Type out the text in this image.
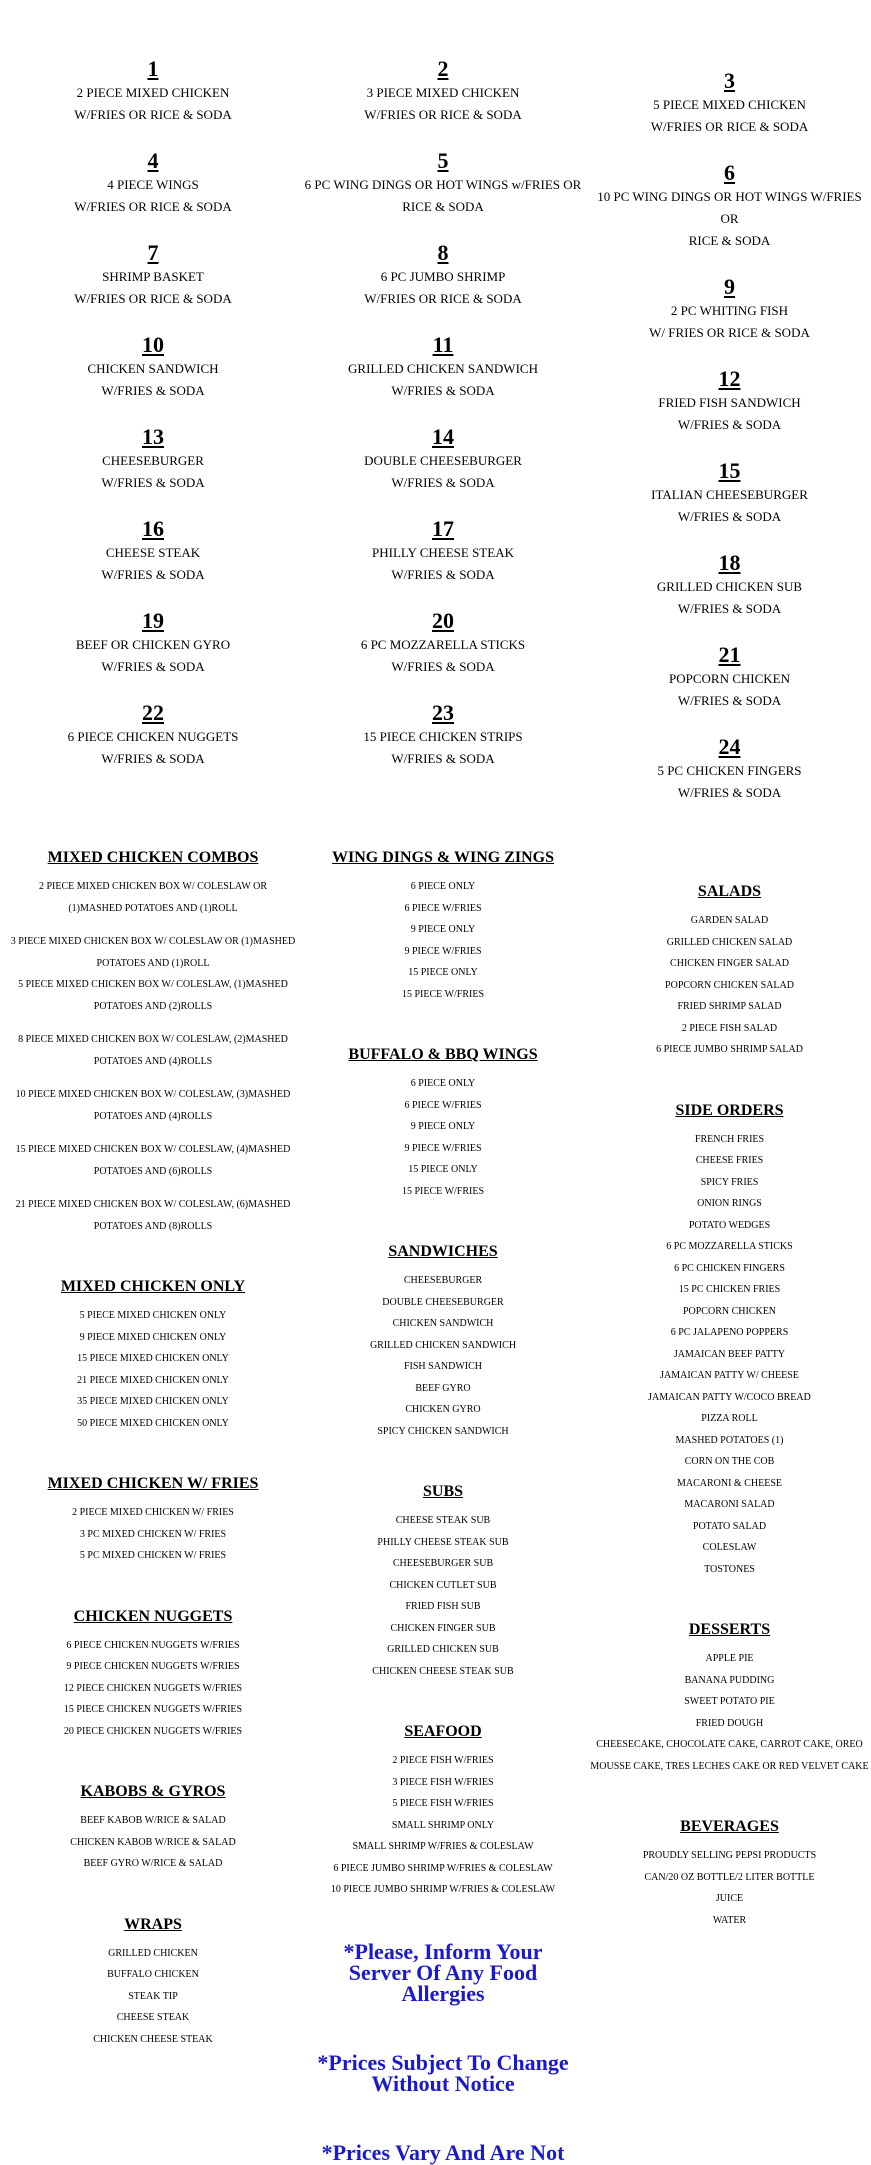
1
2 PIECE MIXED CHICKEN
W/FRIES OR RICE & SODA
4
4 PIECE WINGS
W/FRIES OR RICE & SODA
7
SHRIMP BASKET
W/FRIES OR RICE & SODA
10
CHICKEN SANDWICH
W/FRIES & SODA
13
CHEESEBURGER
W/FRIES & SODA
16
CHEESE STEAK
W/FRIES & SODA
19
BEEF OR CHICKEN GYRO
W/FRIES & SODA
22
6 PIECE CHICKEN NUGGETS
W/FRIES & SODA
MIXED CHICKEN COMBOS
2 PIECE MIXED CHICKEN BOX W/ COLESLAW OR
(1)MASHED POTATOES AND (1)ROLL

3 PIECE MIXED CHICKEN BOX W/ COLESLAW OR (1)MASHED
POTATOES AND (1)ROLL
5 PIECE MIXED CHICKEN BOX W/ COLESLAW, (1)MASHED
POTATOES AND (2)ROLLS

8 PIECE MIXED CHICKEN BOX W/ COLESLAW, (2)MASHED
POTATOES AND (4)ROLLS

10 PIECE MIXED CHICKEN BOX W/ COLESLAW, (3)MASHED
POTATOES AND (4)ROLLS

15 PIECE MIXED CHICKEN BOX W/ COLESLAW, (4)MASHED
POTATOES AND (6)ROLLS

21 PIECE MIXED CHICKEN BOX W/ COLESLAW, (6)MASHED
POTATOES AND (8)ROLLS
MIXED CHICKEN ONLY
5 PIECE MIXED CHICKEN ONLY
9 PIECE MIXED CHICKEN ONLY
15 PIECE MIXED CHICKEN ONLY
21 PIECE MIXED CHICKEN ONLY
35 PIECE MIXED CHICKEN ONLY
50 PIECE MIXED CHICKEN ONLY
MIXED CHICKEN W/ FRIES
2 PIECE MIXED CHICKEN W/ FRIES
3 PC MIXED CHICKEN W/ FRIES
5 PC MIXED CHICKEN W/ FRIES
CHICKEN NUGGETS
6 PIECE CHICKEN NUGGETS W/FRIES
9 PIECE CHICKEN NUGGETS W/FRIES
12 PIECE CHICKEN NUGGETS W/FRIES
15 PIECE CHICKEN NUGGETS W/FRIES
20 PIECE CHICKEN NUGGETS W/FRIES
KABOBS & GYROS
BEEF KABOB W/RICE & SALAD
CHICKEN KABOB W/RICE & SALAD
BEEF GYRO W/RICE & SALAD
WRAPS
GRILLED CHICKEN
BUFFALO CHICKEN
STEAK TIP
CHEESE STEAK
CHICKEN CHEESE STEAK
2
3 PIECE MIXED CHICKEN
W/FRIES OR RICE & SODA
5
6 PC WING DINGS OR HOT WINGS w/FRIES OR
RICE & SODA
8
6 PC JUMBO SHRIMP
W/FRIES OR RICE & SODA
11
GRILLED CHICKEN SANDWICH
W/FRIES & SODA
14
DOUBLE CHEESEBURGER
W/FRIES & SODA
17
PHILLY CHEESE STEAK
W/FRIES & SODA
20
6 PC MOZZARELLA STICKS
W/FRIES & SODA
23
15 PIECE CHICKEN STRIPS
W/FRIES & SODA
WING DINGS & WING ZINGS
6 PIECE ONLY
6 PIECE W/FRIES
9 PIECE ONLY
9 PIECE W/FRIES
15 PIECE ONLY
15 PIECE W/FRIES
BUFFALO & BBQ WINGS
6 PIECE ONLY
6 PIECE W/FRIES
9 PIECE ONLY
9 PIECE W/FRIES
15 PIECE ONLY
15 PIECE W/FRIES
SANDWICHES
CHEESEBURGER
DOUBLE CHEESEBURGER
CHICKEN SANDWICH
GRILLED CHICKEN SANDWICH
FISH SANDWICH
BEEF GYRO
CHICKEN GYRO
SPICY CHICKEN SANDWICH
SUBS
CHEESE STEAK SUB
PHILLY CHEESE STEAK SUB
CHEESEBURGER SUB
CHICKEN CUTLET SUB
FRIED FISH SUB
CHICKEN FINGER SUB
GRILLED CHICKEN SUB
CHICKEN CHEESE STEAK SUB
SEAFOOD
2 PIECE FISH W/FRIES
3 PIECE FISH W/FRIES
5 PIECE FISH W/FRIES
SMALL SHRIMP ONLY
SMALL SHRIMP W/FRIES & COLESLAW
6 PIECE JUMBO SHRIMP W/FRIES & COLESLAW
10 PIECE JUMBO SHRIMP W/FRIES & COLESLAW
*Please, Inform Your Server Of Any Food Allergies
*Prices Subject To Change Without Notice
*Prices Vary And Are Not
3
5 PIECE MIXED CHICKEN
W/FRIES OR RICE & SODA
6
10 PC WING DINGS OR HOT WINGS W/FRIES OR
RICE & SODA
9
2 PC WHITING FISH
W/ FRIES OR RICE & SODA
12
FRIED FISH SANDWICH
W/FRIES & SODA
15
ITALIAN CHEESEBURGER
W/FRIES & SODA
18
GRILLED CHICKEN SUB
W/FRIES & SODA
21
POPCORN CHICKEN
W/FRIES & SODA
24
5 PC CHICKEN FINGERS
W/FRIES & SODA
SALADS
GARDEN SALAD
GRILLED CHICKEN SALAD
CHICKEN FINGER SALAD
POPCORN CHICKEN SALAD
FRIED SHRIMP SALAD
2 PIECE FISH SALAD
6 PIECE JUMBO SHRIMP SALAD
SIDE ORDERS
FRENCH FRIES
CHEESE FRIES
SPICY FRIES
ONION RINGS
POTATO WEDGES
6 PC MOZZARELLA STICKS
6 PC CHICKEN FINGERS
15 PC CHICKEN FRIES
POPCORN CHICKEN
6 PC JALAPENO POPPERS
JAMAICAN BEEF PATTY
JAMAICAN PATTY W/ CHEESE
JAMAICAN PATTY W/COCO BREAD
PIZZA ROLL
MASHED POTATOES (1)
CORN ON THE COB
MACARONI & CHEESE
MACARONI SALAD
POTATO SALAD
COLESLAW
TOSTONES
DESSERTS
APPLE PIE
BANANA PUDDING
SWEET POTATO PIE
FRIED DOUGH
CHEESECAKE, CHOCOLATE CAKE, CARROT CAKE, OREO
MOUSSE CAKE, TRES LECHES CAKE OR RED VELVET CAKE
BEVERAGES
PROUDLY SELLING PEPSI PRODUCTS
CAN/20 OZ BOTTLE/2 LITER BOTTLE
JUICE
WATER
